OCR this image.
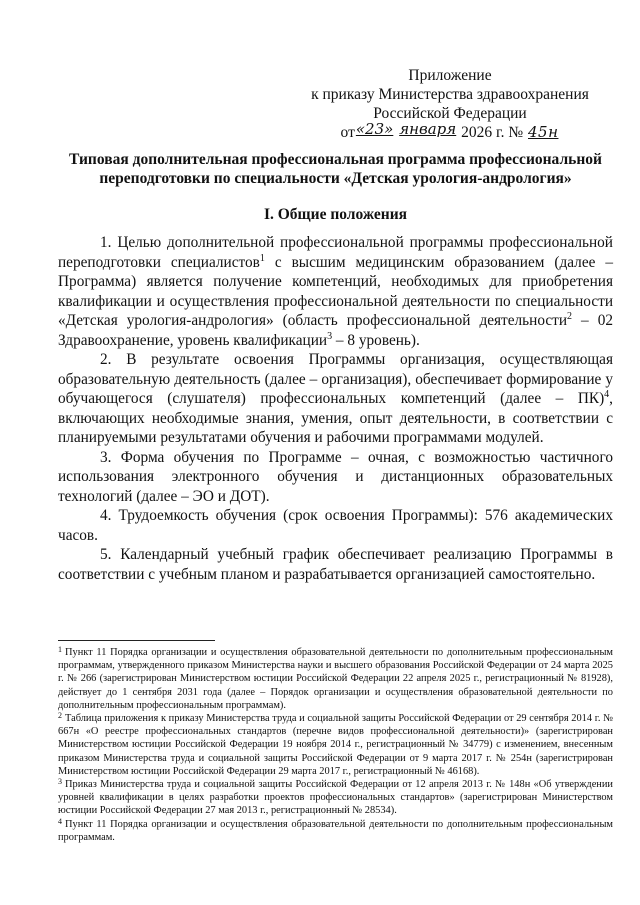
Приложение
к приказу Министерства здравоохранения
Российской Федерации
от«23» января 2026 г. № 45н
Типовая дополнительная профессиональная программа профессиональной переподготовки по специальности «Детская урология-андрология»
I. Общие положения

1. Целью дополнительной профессиональной программы профессиональной переподготовки специалистов$^1$ с высшим медицинским образованием (далее – Программа) является получение компетенций, необходимых для приобретения квалификации и осуществления профессиональной деятельности по специальности «Детская урология-андрология» (область профессиональной деятельности$^2$ – 02 Здравоохранение, уровень квалификации$^3$ – 8 уровень).

2. В результате освоения Программы организация, осуществляющая образовательную деятельность (далее – организация), обеспечивает формирование у обучающегося (слушателя) профессиональных компетенций (далее – ПК)$^4$, включающих необходимые знания, умения, опыт деятельности, в соответствии с планируемыми результатами обучения и рабочими программами модулей.

3. Форма обучения по Программе – очная, с возможностью частичного использования электронного обучения и дистанционных образовательных технологий (далее – ЭО и ДОТ).

4. Трудоемкость обучения (срок освоения Программы): 576 академических часов.

5. Календарный учебный график обеспечивает реализацию Программы в соответствии с учебным планом и разрабатывается организацией самостоятельно.

$^1$ Пункт 11 Порядка организации и осуществления образовательной деятельности по дополнительным профессиональным программам, утвержденного приказом Министерства науки и высшего образования Российской Федерации от 24 марта 2025 г. № 266 (зарегистрирован Министерством юстиции Российской Федерации 22 апреля 2025 г., регистрационный № 81928), действует до 1 сентября 2031 года (далее – Порядок организации и осуществления образовательной деятельности по дополнительным профессиональным программам).

$^2$ Таблица приложения к приказу Министерства труда и социальной защиты Российской Федерации от 29 сентября 2014 г. № 667н «О реестре профессиональных стандартов (перечне видов профессиональной деятельности)» (зарегистрирован Министерством юстиции Российской Федерации 19 ноября 2014 г., регистрационный № 34779) с изменением, внесенным приказом Министерства труда и социальной защиты Российской Федерации от 9 марта 2017 г. № 254н (зарегистрирован Министерством юстиции Российской Федерации 29 марта 2017 г., регистрационный № 46168).

$^3$ Приказ Министерства труда и социальной защиты Российской Федерации от 12 апреля 2013 г. № 148н «Об утверждении уровней квалификации в целях разработки проектов профессиональных стандартов» (зарегистрирован Министерством юстиции Российской Федерации 27 мая 2013 г., регистрационный № 28534).

$^4$ Пункт 11 Порядка организации и осуществления образовательной деятельности по дополнительным профессиональным программам.
